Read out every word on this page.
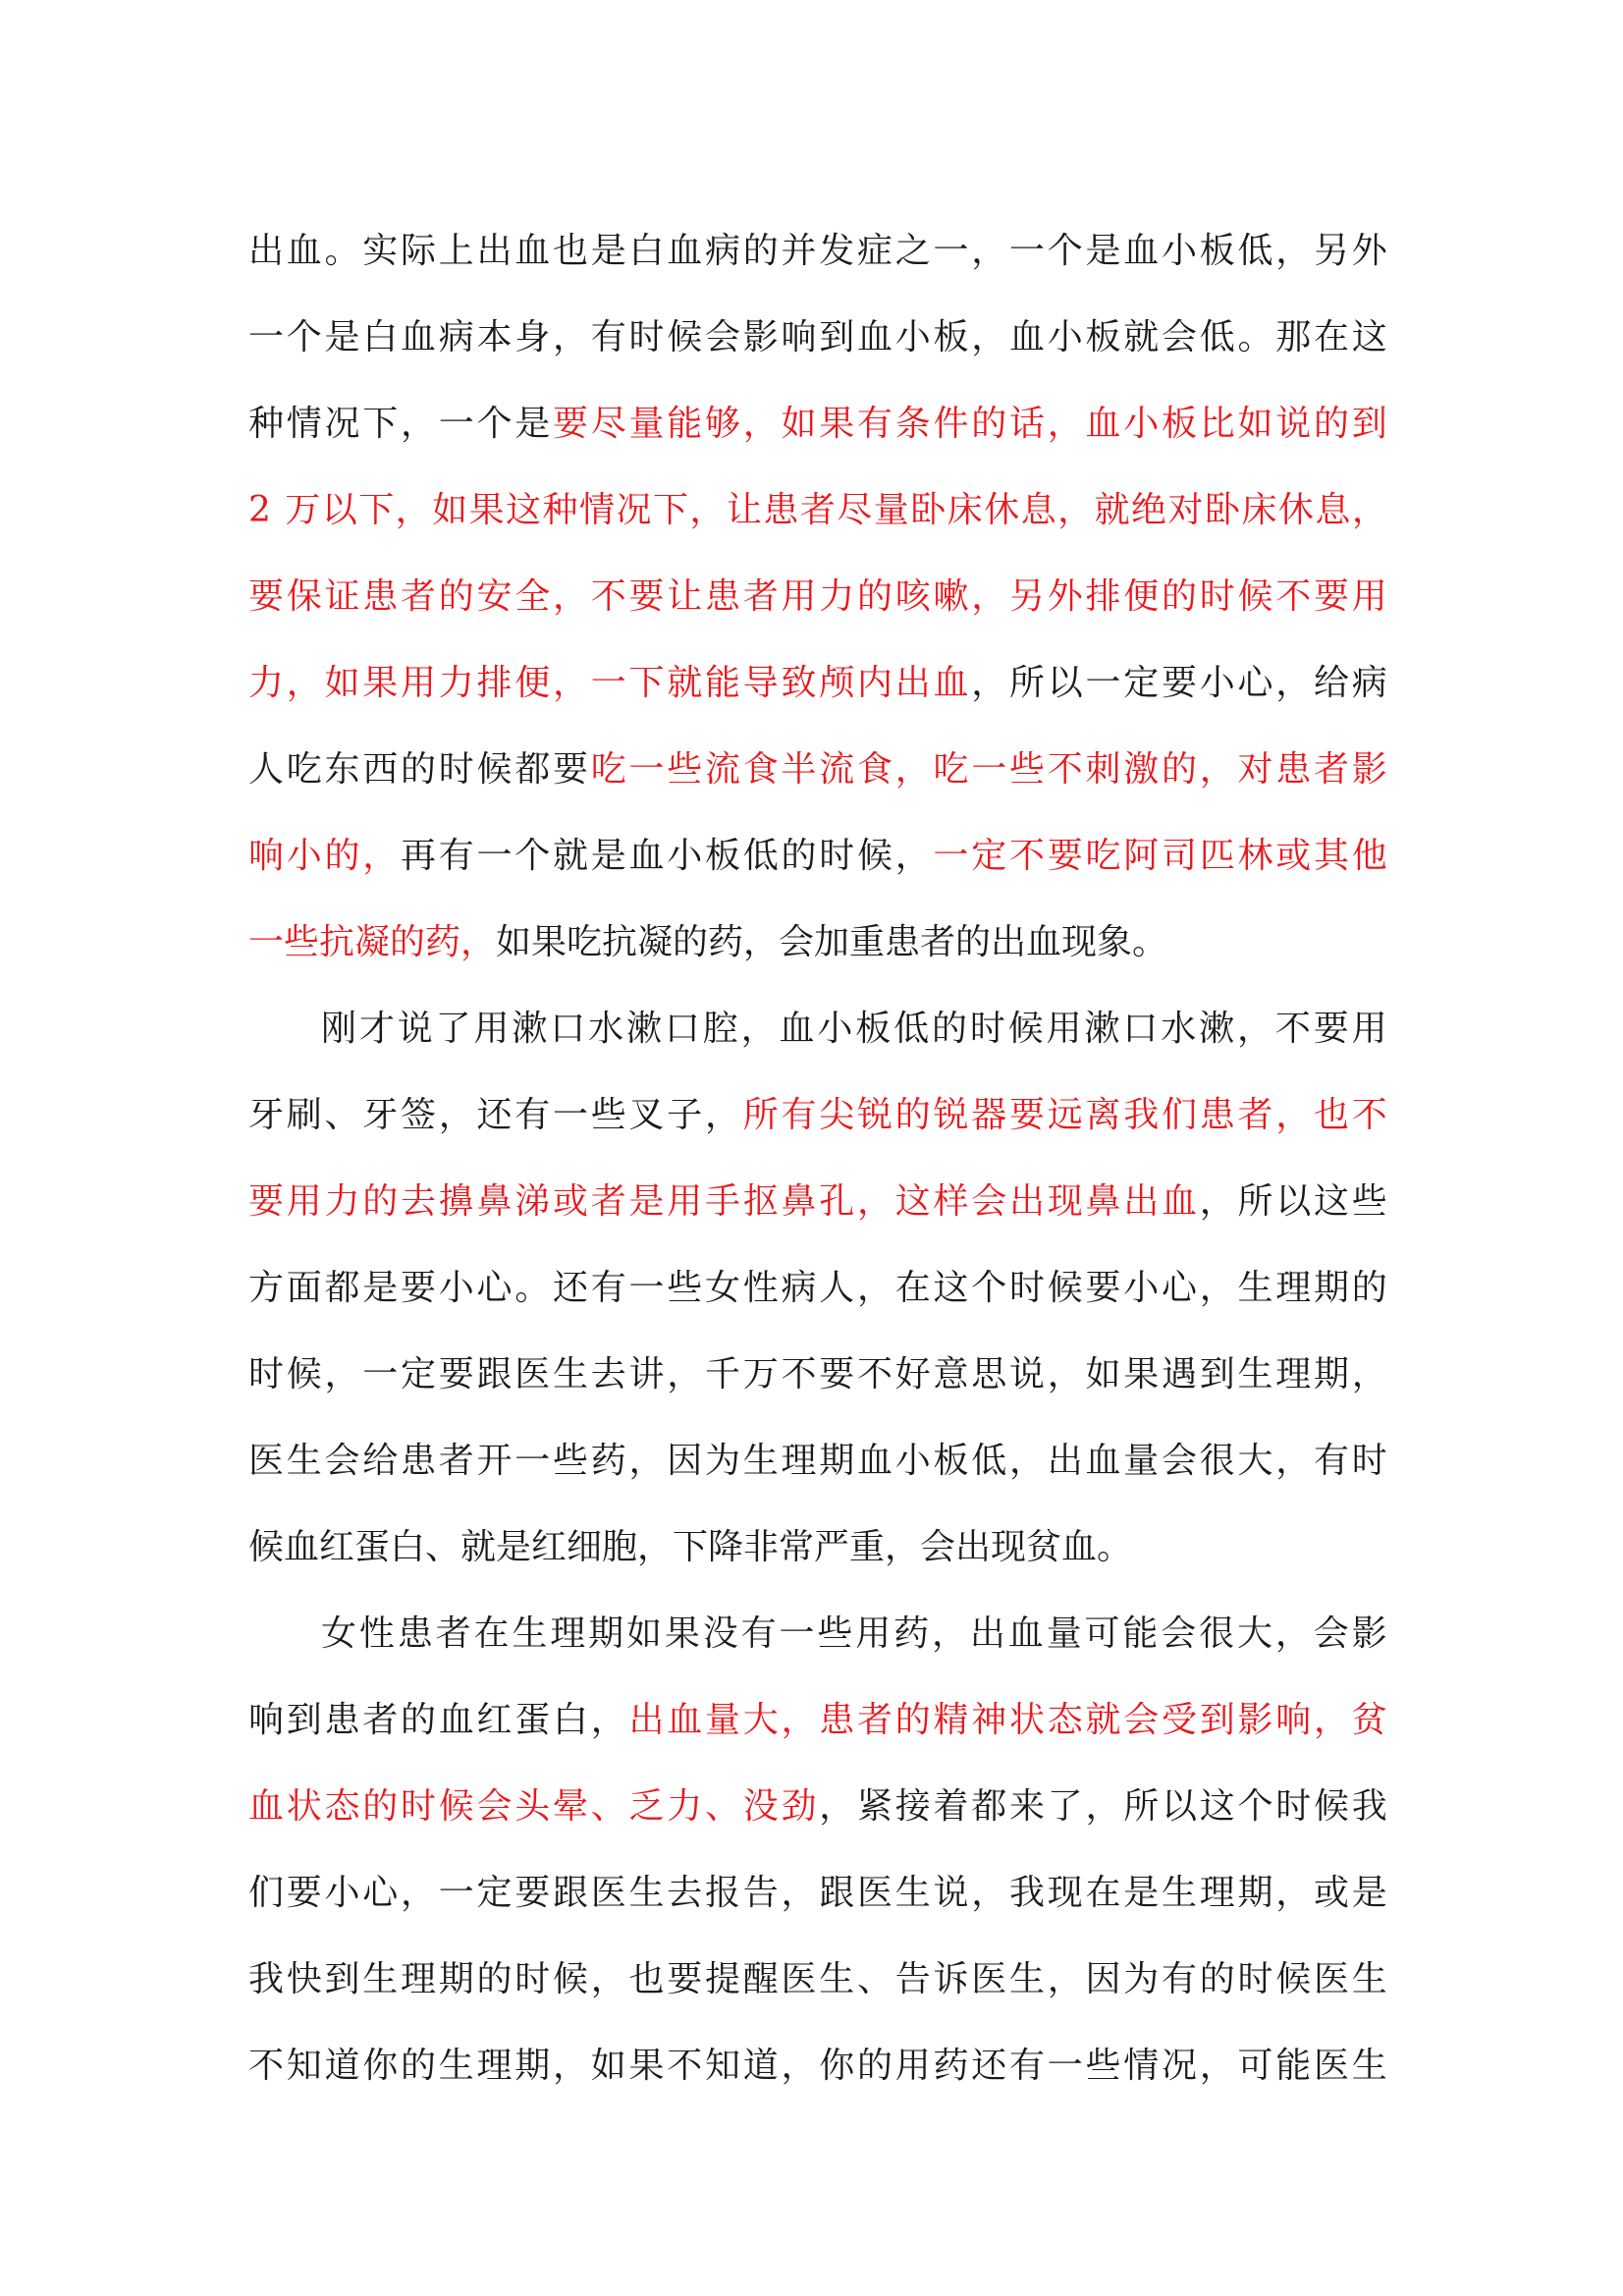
出 血 。 实 际 上 出 血 也 是 白 血 病 的 并 发 症 之 一 ， 一 个 是 血 小 板 低 ， 另 外
一 个 是 白 血 病 本 身 ， 有 时 候 会 影 响 到 血 小 板 ， 血 小 板 就 会 低 。 那 在 这
种 情 况 下 ， 一 个 是 要 尽 量 能 够 ， 如 果 有 条 件 的 话 ， 血 小 板 比 如 说 的 到
2
万 以 下 ， 如 果 这 种 情 况 下 ， 让 患 者 尽 量 卧 床 休 息 ， 就 绝 对 卧 床 休 息 ，
要 保 证 患 者 的 安 全 ， 不 要 让 患 者 用 力 的 咳 嗽 ， 另 外 排 便 的 时 候 不 要 用
力 ， 如 果 用 力 排 便 ， 一 下 就 能 导 致 颅 内 出 血 ， 所 以 一 定 要 小 心 ， 给 病
人 吃 东 西 的 时 候 都 要 吃 一 些 流 食 半 流 食 ， 吃 一 些 不 刺 激 的 ， 对 患 者 影
响 小 的 ， 再 有 一 个 就 是 血 小 板 低 的 时 候 ， 一 定 不 要 吃 阿 司 匹 林 或 其 他
一些抗凝的药， 如果吃抗凝的药，会加重患者的出血现象。
刚 才 说 了 用 漱 口 水 漱 口 腔 ， 血 小 板 低 的 时 候 用 漱 口 水 漱 ， 不 要 用
牙 刷 、 牙 签 ， 还 有 一 些 叉 子 ， 所 有 尖 锐 的 锐 器 要 远 离 我 们 患 者 ， 也 不
要 用 力 的 去 擤 鼻 涕 或 者 是 用 手 抠 鼻 孔 ， 这 样 会 出 现 鼻 出 血 ， 所 以 这 些
方 面 都 是 要 小 心 。 还 有 一 些 女 性 病 人 ， 在 这 个 时 候 要 小 心 ， 生 理 期 的
时 候 ， 一 定 要 跟 医 生 去 讲 ， 千 万 不 要 不 好 意 思 说 ， 如 果 遇 到 生 理 期 ，
医 生 会 给 患 者 开 一 些 药 ， 因 为 生 理 期 血 小 板 低 ， 出 血 量 会 很 大 ， 有 时
候血红蛋白、就是红细胞，下降非常严重，会出现贫血。
女 性 患 者 在 生 理 期 如 果 没 有 一 些 用 药 ， 出 血 量 可 能 会 很 大 ， 会 影
响 到 患 者 的 血 红 蛋 白 ， 出 血 量 大 ， 患 者 的 精 神 状 态 就 会 受 到 影 响 ， 贫
血 状 态 的 时 候 会 头 晕 、 乏 力 、 没 劲 ， 紧 接 着 都 来 了 ， 所 以 这 个 时 候 我
们 要 小 心 ， 一 定 要 跟 医 生 去 报 告 ， 跟 医 生 说 ， 我 现 在 是 生 理 期 ， 或 是
我 快 到 生 理 期 的 时 候 ， 也 要 提 醒 医 生 、 告 诉 医 生 ， 因 为 有 的 时 候 医 生
不 知 道 你 的 生 理 期 ， 如 果 不 知 道 ， 你 的 用 药 还 有 一 些 情 况 ， 可 能 医 生
